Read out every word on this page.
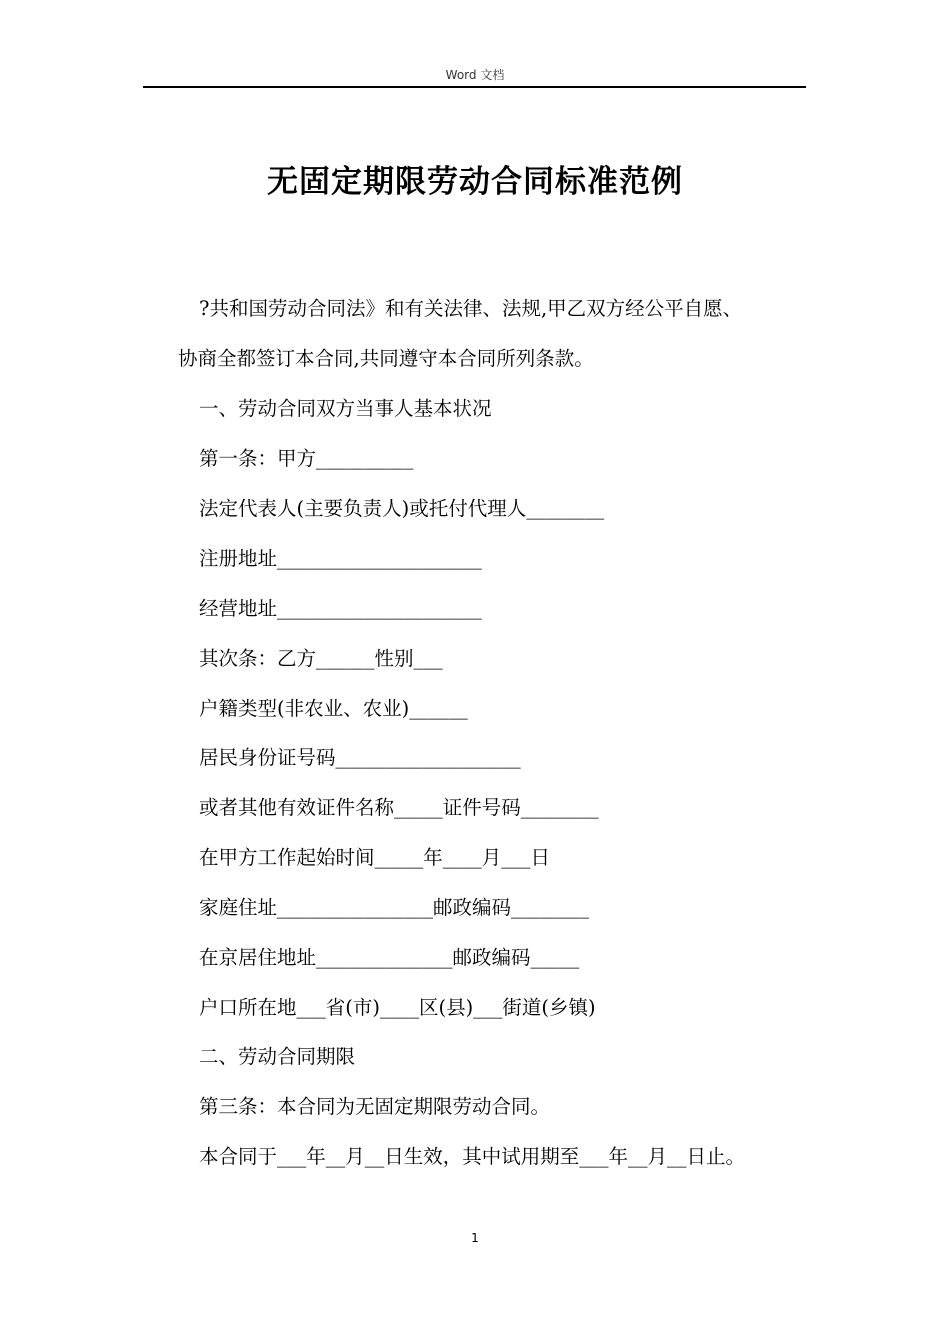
Word 文档
无固定期限劳动合同标准范例
?共和国劳动合同法》和有关法律、法规,甲乙双方经公平自愿、
协商全都签订本合同,共同遵守本合同所列条款。
一、劳动合同双方当事人基本状况
第一条：甲方__________
法定代表人(主要负责人)或托付代理人________
注册地址_____________________
经营地址_____________________
其次条：乙方______性别___
户籍类型(非农业、农业)______
居民身份证号码___________________
或者其他有效证件名称_____证件号码________
在甲方工作起始时间_____年____月___日
家庭住址________________邮政编码________
在京居住地址______________邮政编码_____
户口所在地___省(市)____区(县)___街道(乡镇)
二、劳动合同期限
第三条：本合同为无固定期限劳动合同。
本合同于___年__月__日生效，其中试用期至___年__月__日止。
1
